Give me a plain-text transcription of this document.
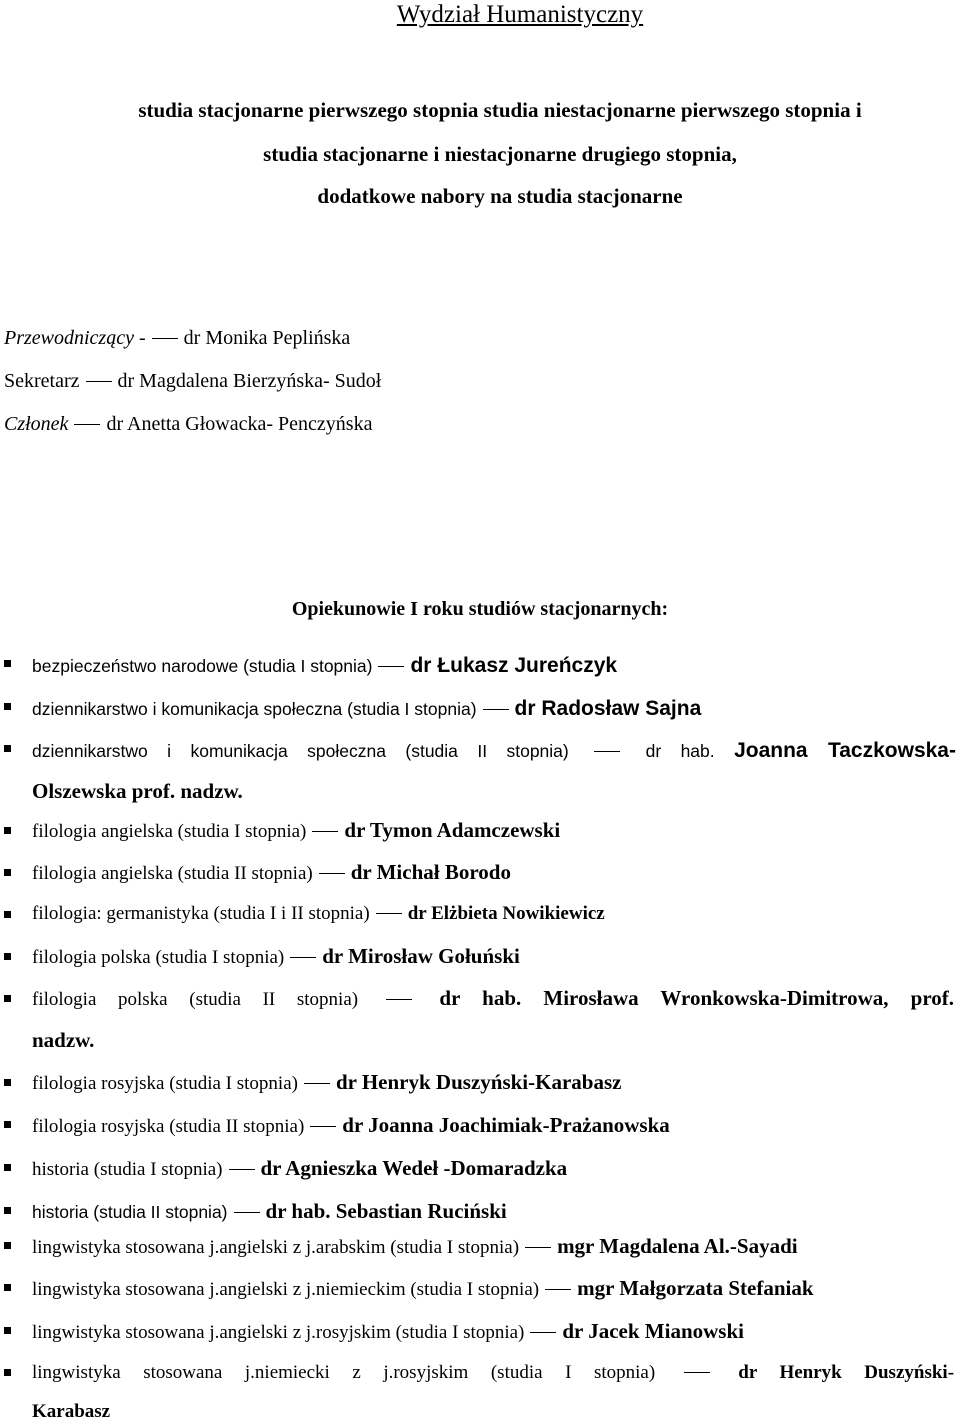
Wydział Humanistyczny
studia stacjonarne pierwszego stopnia studia niestacjonarne pierwszego stopnia i
studia stacjonarne i niestacjonarne drugiego stopnia,
dodatkowe nabory na studia stacjonarne
Przewodniczący - dr Monika Peplińska
Sekretarz dr Magdalena Bierzyńska- Sudoł
Członek dr Anetta Głowacka- Penczyńska
Opiekunowie I roku studiów stacjonarnych:
bezpieczeństwo narodowe (studia I stopnia) dr Łukasz Jureńczyk
dziennikarstwo i komunikacja społeczna (studia I stopnia) dr Radosław Sajna
dziennikarstwo i komunikacja społeczna (studia II stopnia)	dr hab. Joanna Taczkowska-
Olszewska prof. nadzw.
filologia angielska (studia I stopnia) dr Tymon Adamczewski
filologia angielska (studia II stopnia) dr Michał Borodo
filologia: germanistyka (studia I i II stopnia) dr Elżbieta Nowikiewicz
filologia polska (studia I stopnia) dr Mirosław Gołuński
filologia polska (studia II stopnia)	dr hab. Mirosława Wronkowska-Dimitrowa, prof.
nadzw.
filologia rosyjska (studia I stopnia) dr Henryk Duszyński-Karabasz
filologia rosyjska (studia II stopnia) dr Joanna Joachimiak-Prażanowska
historia (studia I stopnia) dr Agnieszka Wedeł -Domaradzka
historia (studia II stopnia) dr hab. Sebastian Ruciński
lingwistyka stosowana j.angielski z j.arabskim (studia I stopnia) mgr Magdalena Al.-Sayadi
lingwistyka stosowana j.angielski z j.niemieckim (studia I stopnia) mgr Małgorzata Stefaniak
lingwistyka stosowana j.angielski z j.rosyjskim (studia I stopnia) dr Jacek Mianowski
lingwistyka stosowana j.niemiecki z j.rosyjskim (studia I stopnia)	dr Henryk Duszyński-
Karabasz
